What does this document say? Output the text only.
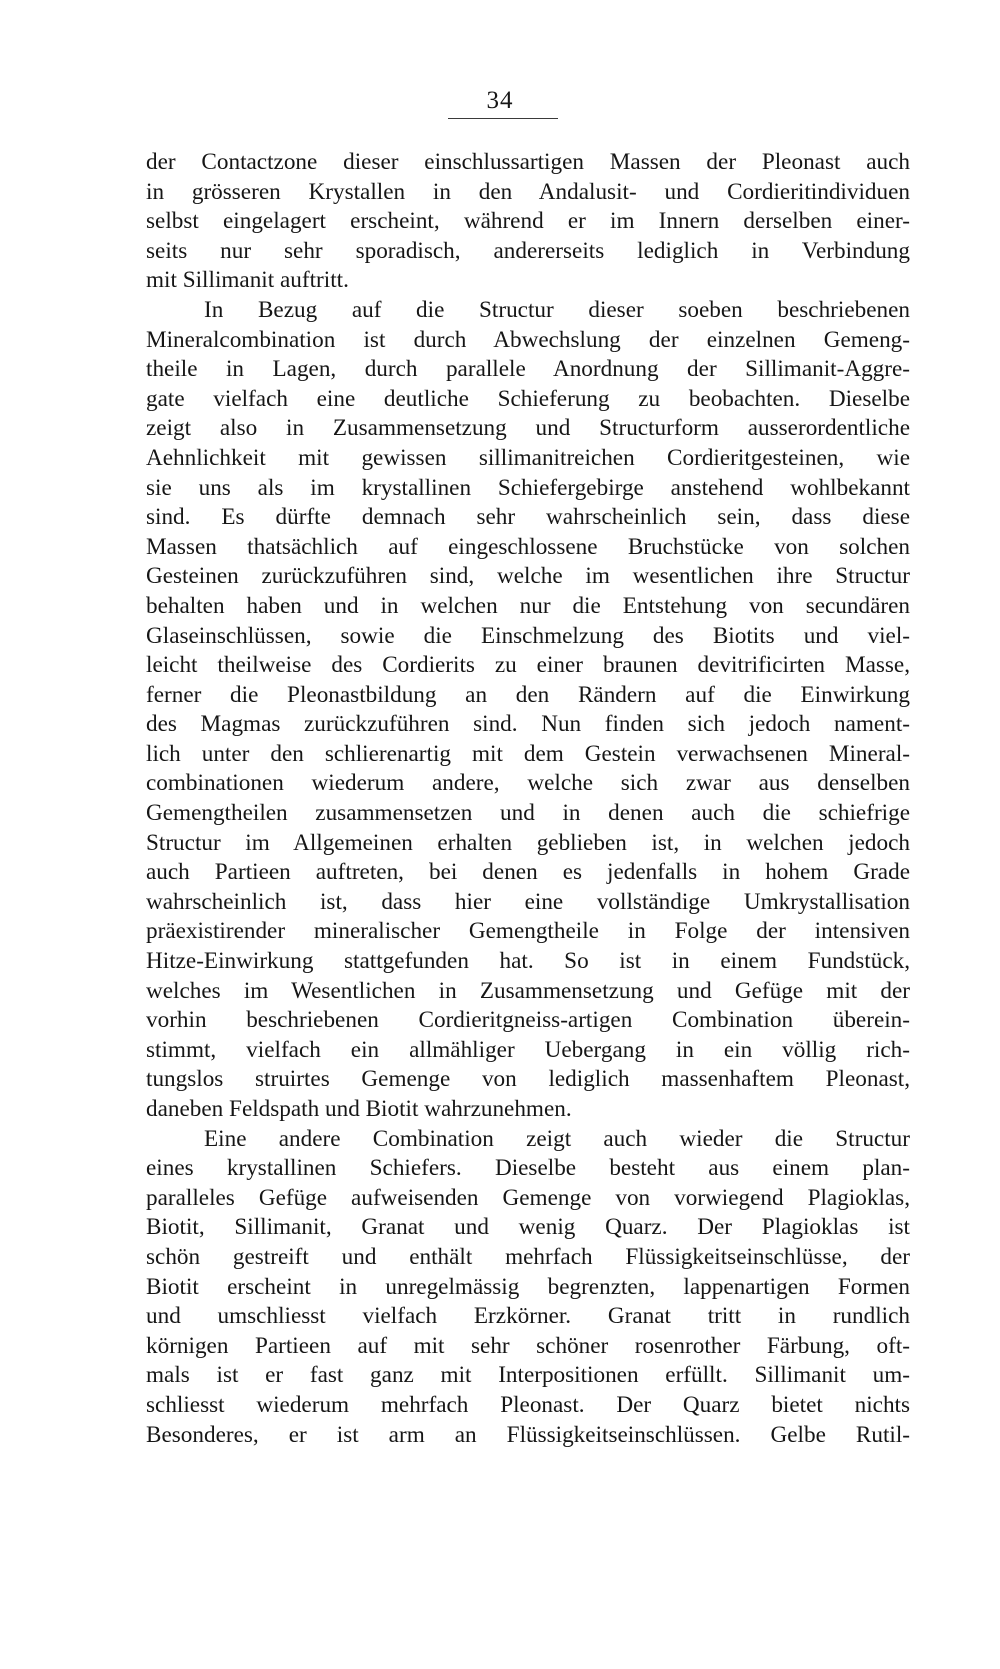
34
der Contactzone dieser einschlussartigen Massen der Pleonast auch
in grösseren Krystallen in den Andalusit- und Cordieritindividuen
selbst eingelagert erscheint, während er im Innern derselben einer-
seits nur sehr sporadisch, andererseits lediglich in Verbindung
mit Sillimanit auftritt.
In Bezug auf die Structur dieser soeben beschriebenen
Mineralcombination ist durch Abwechslung der einzelnen Gemeng-
theile in Lagen, durch parallele Anordnung der Sillimanit-Aggre-
gate vielfach eine deutliche Schieferung zu beobachten. Dieselbe
zeigt also in Zusammensetzung und Structurform ausserordentliche
Aehnlichkeit mit gewissen sillimanitreichen Cordieritgesteinen, wie
sie uns als im krystallinen Schiefergebirge anstehend wohlbekannt
sind. Es dürfte demnach sehr wahrscheinlich sein, dass diese
Massen thatsächlich auf eingeschlossene Bruchstücke von solchen
Gesteinen zurückzuführen sind, welche im wesentlichen ihre Structur
behalten haben und in welchen nur die Entstehung von secundären
Glaseinschlüssen, sowie die Einschmelzung des Biotits und viel-
leicht theilweise des Cordierits zu einer braunen devitrificirten Masse,
ferner die Pleonastbildung an den Rändern auf die Einwirkung
des Magmas zurückzuführen sind. Nun finden sich jedoch nament-
lich unter den schlierenartig mit dem Gestein verwachsenen Mineral-
combinationen wiederum andere, welche sich zwar aus denselben
Gemengtheilen zusammensetzen und in denen auch die schiefrige
Structur im Allgemeinen erhalten geblieben ist, in welchen jedoch
auch Partieen auftreten, bei denen es jedenfalls in hohem Grade
wahrscheinlich ist, dass hier eine vollständige Umkrystallisation
präexistirender mineralischer Gemengtheile in Folge der intensiven
Hitze-Einwirkung stattgefunden hat. So ist in einem Fundstück,
welches im Wesentlichen in Zusammensetzung und Gefüge mit der
vorhin beschriebenen Cordieritgneiss-artigen Combination überein-
stimmt, vielfach ein allmähliger Uebergang in ein völlig rich-
tungslos struirtes Gemenge von lediglich massenhaftem Pleonast,
daneben Feldspath und Biotit wahrzunehmen.
Eine andere Combination zeigt auch wieder die Structur
eines krystallinen Schiefers. Dieselbe besteht aus einem plan-
paralleles Gefüge aufweisenden Gemenge von vorwiegend Plagioklas,
Biotit, Sillimanit, Granat und wenig Quarz. Der Plagioklas ist
schön gestreift und enthält mehrfach Flüssigkeitseinschlüsse, der
Biotit erscheint in unregelmässig begrenzten, lappenartigen Formen
und umschliesst vielfach Erzkörner. Granat tritt in rundlich
körnigen Partieen auf mit sehr schöner rosenrother Färbung, oft-
mals ist er fast ganz mit Interpositionen erfüllt. Sillimanit um-
schliesst wiederum mehrfach Pleonast. Der Quarz bietet nichts
Besonderes, er ist arm an Flüssigkeitseinschlüssen. Gelbe Rutil-
